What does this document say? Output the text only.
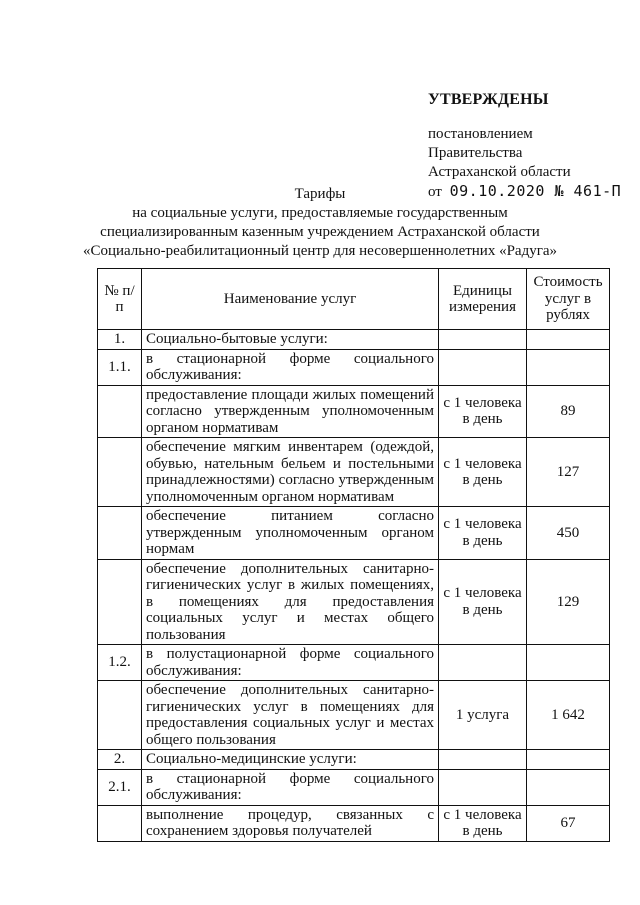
УТВЕРЖДЕНЫ
постановлением
Правительства
Астраханской области
от 09.10.2020 № 461-П
Тарифы
на социальные услуги, предоставляемые государственным
специализированным казенным учреждением Астраханской области
«Социально-реабилитационный центр для несовершеннолетних «Радуга»
№ п/п	Наименование услуг	Единицы измерения	Стоимость услуг в рублях
1.	Социально-бытовые услуги:		
1.1.	в стационарной форме социального обслуживания:		
	предоставление площади жилых помещений согласно утвержденным уполномоченным органом нормативам	с 1 человека в день	89
	обеспечение мягким инвентарем (одеждой, обувью, нательным бельем и постельными принадлежностями) согласно утвержденным уполномоченным органом нормативам	с 1 человека в день	127
	обеспечение питанием согласно утвержденным уполномоченным органом нормам	с 1 человека в день	450
	обеспечение дополнительных санитарно-гигиенических услуг в жилых помещениях, в помещениях для предоставления социальных услуг и местах общего пользования	с 1 человека в день	129
1.2.	в полустационарной форме социального обслуживания:		
	обеспечение дополнительных санитарно-гигиенических услуг в помещениях для предоставления социальных услуг и местах общего пользования	1 услуга	1 642
2.	Социально-медицинские услуги:		
2.1.	в стационарной форме социального обслуживания:		
	выполнение процедур, связанных с сохранением здоровья получателей	с 1 человека в день	67
